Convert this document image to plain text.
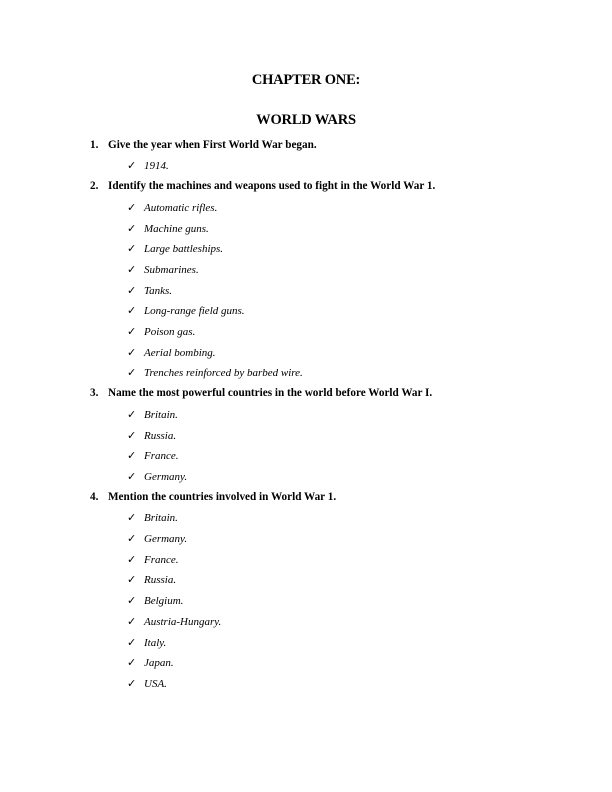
CHAPTER ONE:
WORLD WARS
1. Give the year when First World War began.
✓ 1914.
2. Identify the machines and weapons used to fight in the World War 1.
✓ Automatic rifles.
✓ Machine guns.
✓ Large battleships.
✓ Submarines.
✓ Tanks.
✓ Long-range field guns.
✓ Poison gas.
✓ Aerial bombing.
✓ Trenches reinforced by barbed wire.
3. Name the most powerful countries in the world before World War I.
✓ Britain.
✓ Russia.
✓ France.
✓ Germany.
4. Mention the countries involved in World War 1.
✓ Britain.
✓ Germany.
✓ France.
✓ Russia.
✓ Belgium.
✓ Austria-Hungary.
✓ Italy.
✓ Japan.
✓ USA.
